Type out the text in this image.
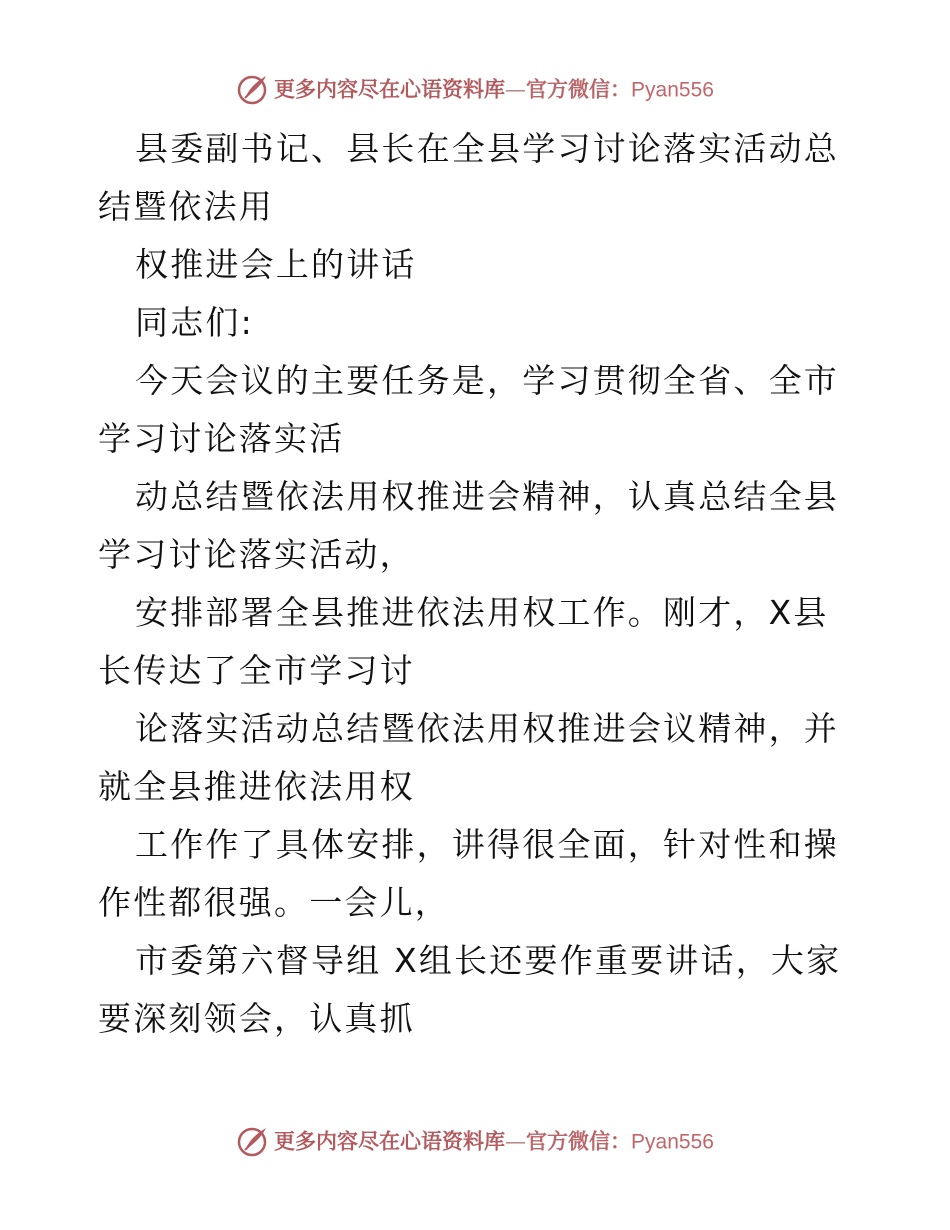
更多内容尽在心语资料库—官方微信：Pyan556

县委副书记、县长在全县学习讨论落实活动总结暨依法用

权推进会上的讲话

同志们:

今天会议的主要任务是，学习贯彻全省、全市学习讨论落实活

动总结暨依法用权推进会精神，认真总结全县学习讨论落实活动，

安排部署全县推进依法用权工作。刚才，X县长传达了全市学习讨

论落实活动总结暨依法用权推进会议精神，并就全县推进依法用权

工作作了具体安排，讲得很全面，针对性和操作性都很强。一会儿，

市委第六督导组 X组长还要作重要讲话，大家要深刻领会，认真抓

更多内容尽在心语资料库—官方微信：Pyan556
